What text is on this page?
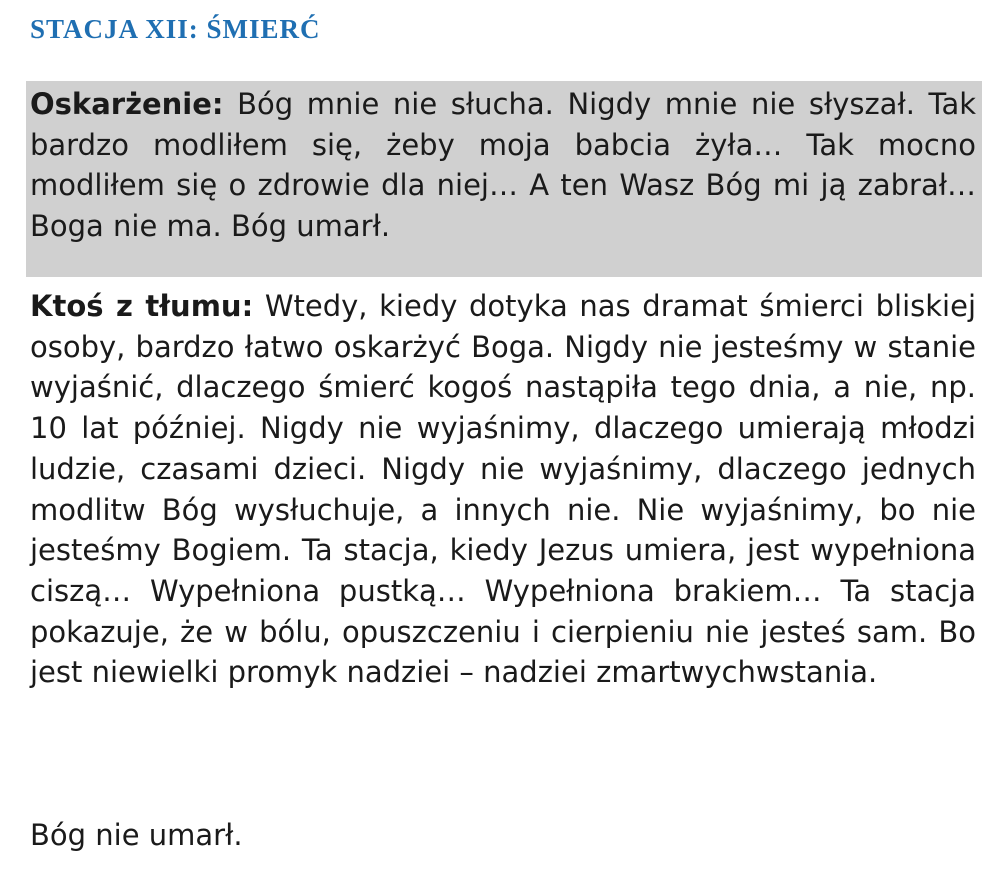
STACJA XII: ŚMIERĆ

Oskarżenie: Bóg mnie nie słucha. Nigdy mnie nie słyszał. Tak bardzo modliłem się, żeby moja babcia żyła… Tak mocno modliłem się o zdrowie dla niej… A ten Wasz Bóg mi ją zabrał… Boga nie ma. Bóg umarł.

Ktoś z tłumu: Wtedy, kiedy dotyka nas dramat śmierci bliskiej osoby, bardzo łatwo oskarżyć Boga. Nigdy nie jesteśmy w stanie wyjaśnić, dlaczego śmierć kogoś nastąpiła tego dnia, a nie, np. 10 lat później. Nigdy nie wyjaśnimy, dlaczego umierają młodzi ludzie, czasami dzieci. Nigdy nie wyjaśnimy, dlaczego jednych modlitw Bóg wysłuchuje, a innych nie. Nie wyjaśnimy, bo nie jesteśmy Bogiem. Ta stacja, kiedy Jezus umiera, jest wypełniona ciszą… Wypełniona pustką… Wypełniona brakiem… Ta stacja pokazuje, że w bólu, opuszczeniu i cierpieniu nie jesteś sam. Bo jest niewielki promyk nadziei – nadziei zmartwychwstania.

Bóg nie umarł.
